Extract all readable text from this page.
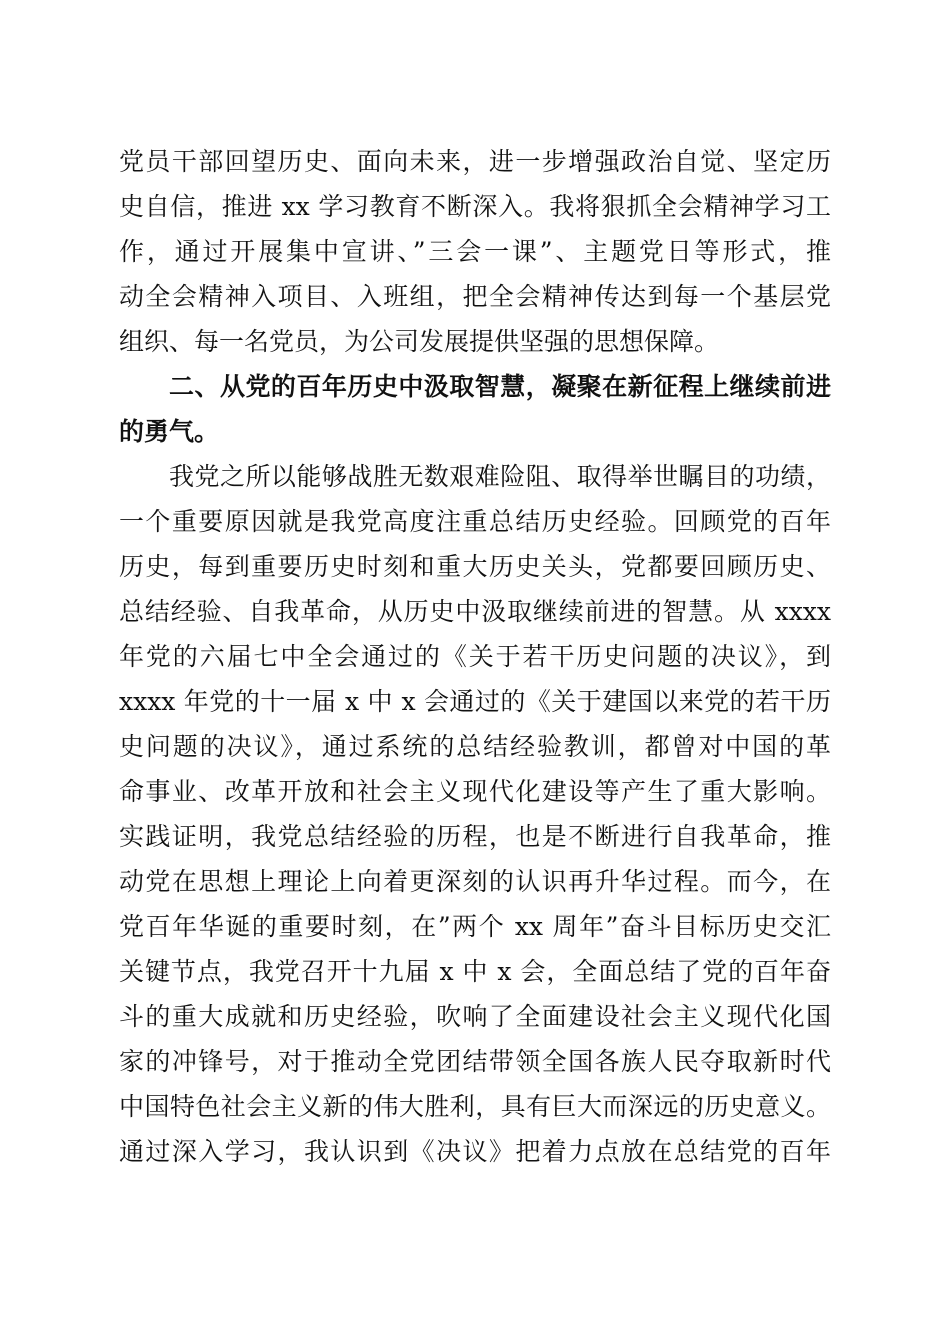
党员干部回望历史、面向未来，进一步增强政治自觉、坚定历
史自信，推进 xx 学习教育不断深入。我将狠抓全会精神学习工
作，通过开展集中宣讲、”三会一课”、主题党日等形式，推
动全会精神入项目、入班组，把全会精神传达到每一个基层党
组织、每一名党员，为公司发展提供坚强的思想保障。
二、从党的百年历史中汲取智慧，凝聚在新征程上继续前进
的勇气。
我党之所以能够战胜无数艰难险阻、取得举世瞩目的功绩，
一个重要原因就是我党高度注重总结历史经验。回顾党的百年
历史，每到重要历史时刻和重大历史关头，党都要回顾历史、
总结经验、自我革命，从历史中汲取继续前进的智慧。从 xxxx
年党的六届七中全会通过的《关于若干历史问题的决议》，到
xxxx 年党的十一届 x 中 x 会通过的《关于建国以来党的若干历
史问题的决议》，通过系统的总结经验教训，都曾对中国的革
命事业、改革开放和社会主义现代化建设等产生了重大影响。
实践证明，我党总结经验的历程，也是不断进行自我革命，推
动党在思想上理论上向着更深刻的认识再升华过程。而今，在
党百年华诞的重要时刻，在”两个 xx 周年”奋斗目标历史交汇
关键节点，我党召开十九届 x 中 x 会，全面总结了党的百年奋
斗的重大成就和历史经验，吹响了全面建设社会主义现代化国
家的冲锋号，对于推动全党团结带领全国各族人民夺取新时代
中国特色社会主义新的伟大胜利，具有巨大而深远的历史意义。
通过深入学习，我认识到《决议》把着力点放在总结党的百年
